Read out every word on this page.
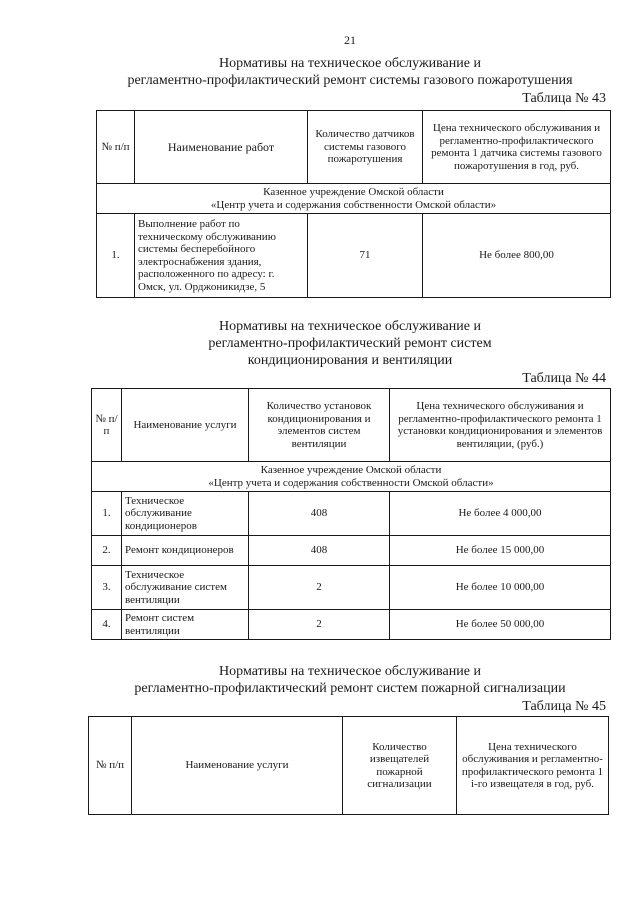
21
Нормативы на техническое обслуживание и
регламентно-профилактический ремонт системы газового пожаротушения
Таблица № 43
№ п/п	Наименование работ	Количество датчиков системы газового пожаротушения	Цена технического обслуживания и регламентно-профилактического ремонта 1 датчика системы газового пожаротушения в год, руб.

Казенное учреждение Омской области
«Центр учета и содержания собственности Омской области»			

1.	Выполнение работ по техническому обслуживанию системы бесперебойного электроснабжения здания, расположенного по адресу: г. Омск, ул. Орджоникидзе, 5	71	Не более 800,00
Нормативы на техническое обслуживание и
регламентно-профилактический ремонт систем
кондиционирования и вентиляции
Таблица № 44
№ п/п	Наименование услуги	Количество установок кондиционирования и элементов систем вентиляции	Цена технического обслуживания и регламентно-профилактического ремонта 1 установки кондиционирования и элементов вентиляции, (руб.)

Казенное учреждение Омской области
«Центр учета и содержания собственности Омской области»			

1.	Техническое обслуживание кондиционеров	408	Не более 4 000,00
2.	Ремонт кондиционеров	408	Не более 15 000,00
3.	Техническое обслуживание систем вентиляции	2	Не более 10 000,00
4.	Ремонт систем вентиляции	2	Не более 50 000,00
Нормативы на техническое обслуживание и
регламентно-профилактический ремонт систем пожарной сигнализации
Таблица № 45
№ п/п	Наименование услуги	Количество извещателей пожарной сигнализации	Цена технического обслуживания и регламентно-профилактического ремонта 1 i-го извещателя в год, руб.
